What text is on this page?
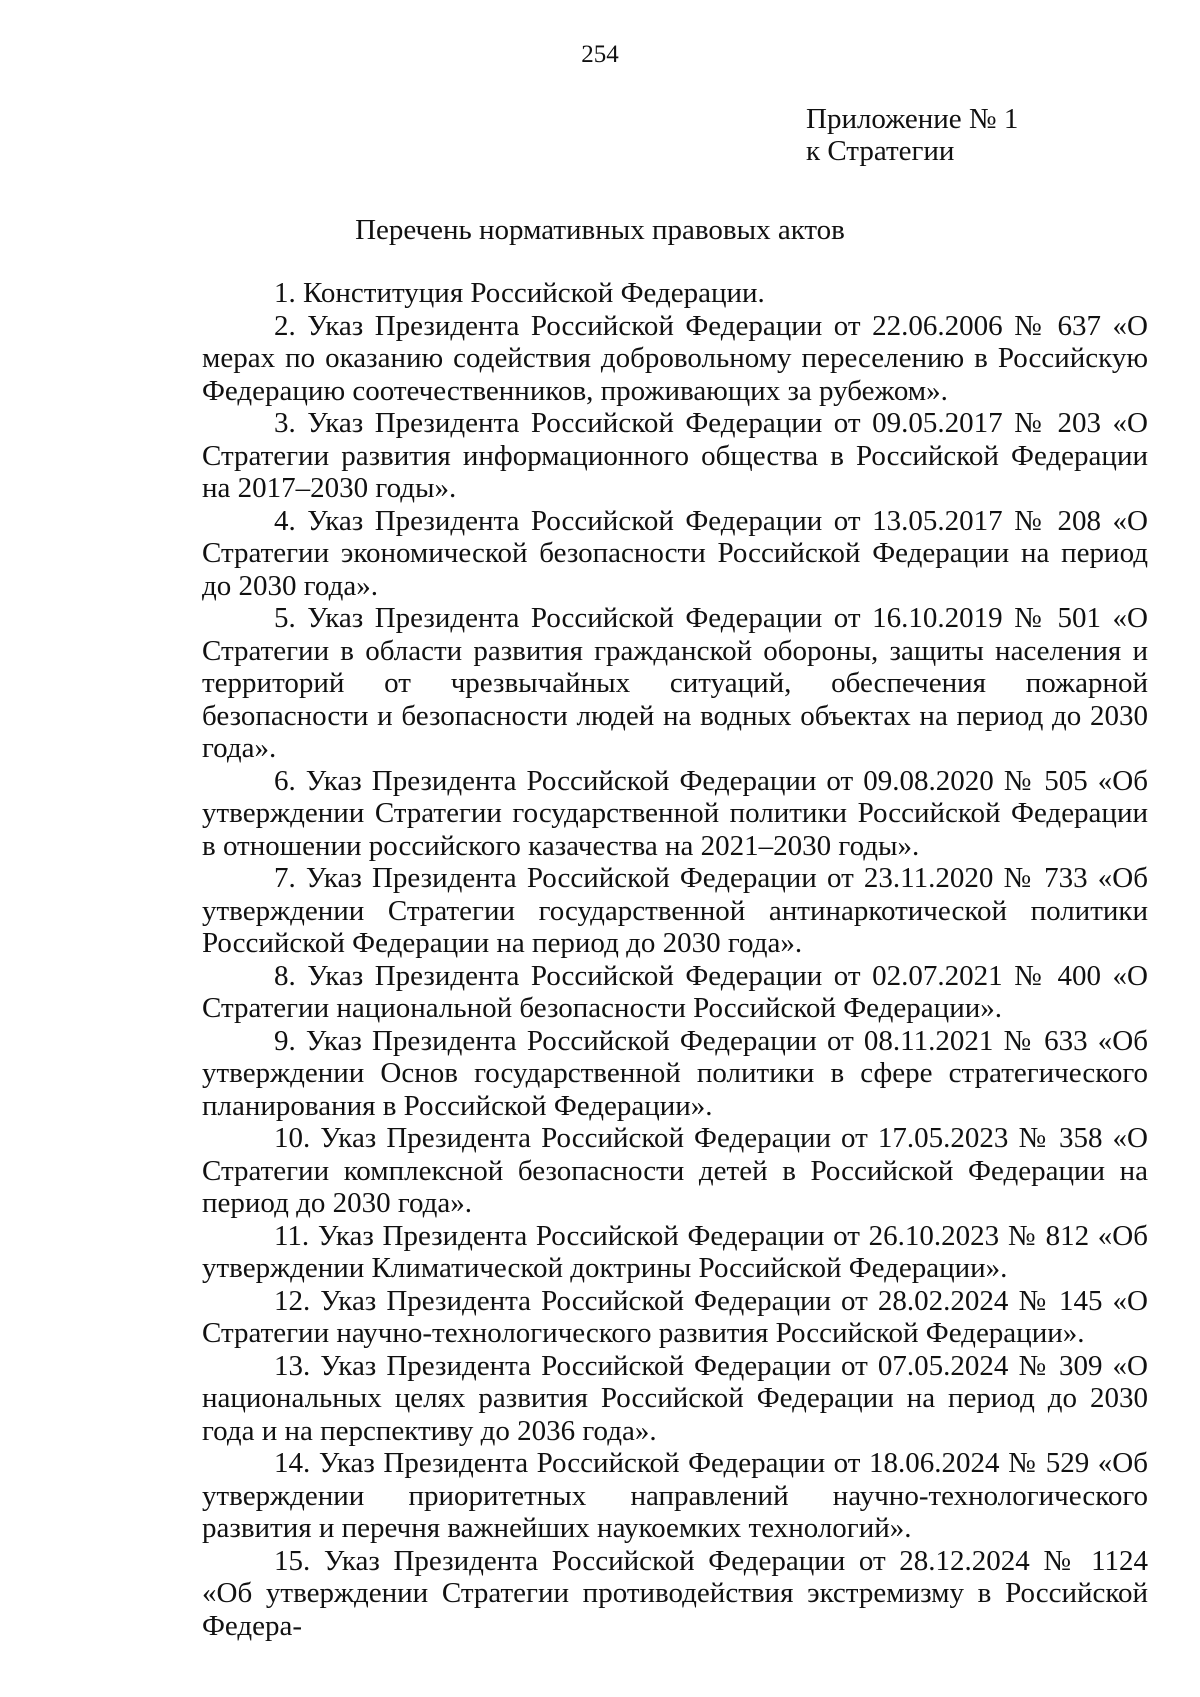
254
Приложение № 1
к Стратегии
Перечень нормативных правовых актов

1. Конституция Российской Федерации.

2. Указ Президента Российской Федерации от 22.06.2006 № 637 «О мерах по оказанию содействия добровольному переселению в Российскую Федерацию соотечественников, проживающих за рубежом».

3. Указ Президента Российской Федерации от 09.05.2017 № 203 «О Стратегии развития информационного общества в Российской Федерации на 2017–2030 годы».

4. Указ Президента Российской Федерации от 13.05.2017 № 208 «О Стратегии экономической безопасности Российской Федерации на период до 2030 года».

5. Указ Президента Российской Федерации от 16.10.2019 № 501 «О Стратегии в области развития гражданской обороны, защиты населения и территорий от чрезвычайных ситуаций, обеспечения пожарной безопасности и безопасности людей на водных объектах на период до 2030 года».

6. Указ Президента Российской Федерации от 09.08.2020 № 505 «Об утверждении Стратегии государственной политики Российской Федерации в отношении российского казачества на 2021–2030 годы».

7. Указ Президента Российской Федерации от 23.11.2020 № 733 «Об утверждении Стратегии государственной антинаркотической политики Российской Федерации на период до 2030 года».

8. Указ Президента Российской Федерации от 02.07.2021 № 400 «О Стратегии национальной безопасности Российской Федерации».

9. Указ Президента Российской Федерации от 08.11.2021 № 633 «Об утверждении Основ государственной политики в сфере стратегического планирования в Российской Федерации».

10. Указ Президента Российской Федерации от 17.05.2023 № 358 «О Стратегии комплексной безопасности детей в Российской Федерации на период до 2030 года».

11. Указ Президента Российской Федерации от 26.10.2023 № 812 «Об утверждении Климатической доктрины Российской Федерации».

12. Указ Президента Российской Федерации от 28.02.2024 № 145 «О Стратегии научно-технологического развития Российской Федерации».

13. Указ Президента Российской Федерации от 07.05.2024 № 309 «О национальных целях развития Российской Федерации на период до 2030 года и на перспективу до 2036 года».

14. Указ Президента Российской Федерации от 18.06.2024 № 529 «Об утверждении приоритетных направлений научно-технологического развития и перечня важнейших наукоемких технологий».

15. Указ Президента Российской Федерации от 28.12.2024 № 1124 «Об утверждении Стратегии противодействия экстремизму в Российской Федера-
